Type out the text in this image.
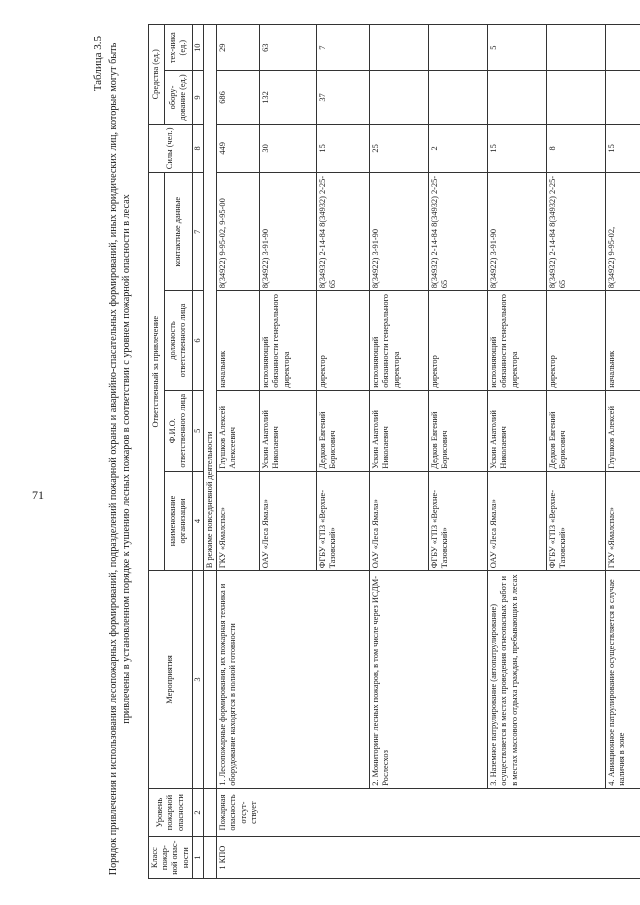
71
Таблица 3.5 Порядок привлечения и использования лесопожарных формирований, подразделений пожарной охраны и аварийно-спасательных формирований, иных юридических лиц, которые могут быть привлечены в установленном порядке к тушению лесных пожаров в соответствии с уровнем пожарной опасности в лесах
Класс пожар-ной опас-ности	Уровень пожарной опасности	Мероприятия	Ответственный за привлечение				Силы (чел.)	Средства (ед.)	
			наименование организации	Ф.И.О. ответственного лица	должность ответственного лица	контактные данные		обору-дование (ед.)	тех-ника (ед.)
1	2	3	4	5	6	7	8	9	10
			В режиме повседневной деятельности						
1 КПО	Пожарная опасность отсут-ствует	1. Лесопожарные формирования, их пожарная техника и оборудование находятся в полной готовности	ГКУ «Ямалспас»	Глушков Алексей Алексеевич	начальник	8(34922) 9-95-02, 9-95-00	449	686	29
			ОАУ «Леса Ямала»	Ускин Анатолий Николаевич	исполняющий обязанности генерального директора	8(34922) 3-91-90	30	132	63
			ФГБУ «ГПЗ «Верхне-Тазовский»	Дедков Евгений Борисович	директор	8(34932) 2-14-84 8(34932) 2-25-65	15	37	7
		2. Мониторинг лесных пожаров, в том числе через ИСДМ-Рослесхоз	ОАУ «Леса Ямала»	Ускин Анатолий Николаевич	исполняющий обязанности генерального директора	8(34922) 3-91-90	25		
			ФГБУ «ГПЗ «Верхне-Тазовский»	Дедков Евгений Борисович	директор	8(34932) 2-14-84 8(34932) 2-25-65	2		
		3. Наземное патрулирование (автопатрулирование) осуществляется в местах проведения огнеопасных работ и в местах массового отдыха граждан, пребывающих в лесах	ОАУ «Леса Ямала»	Ускин Анатолий Николаевич	исполняющий обязанности генерального директора	8(34922) 3-91-90	15		5
			ФГБУ «ГПЗ «Верхне-Тазовский»	Дедков Евгений Борисович	директор	8(34932) 2-14-84 8(34932) 2-25-65	8		
		4. Авиационное патрулирование осуществляется в случае наличия в зоне	ГКУ «Ямалспас»	Глушков Алексей	начальник	8(34922) 9-95-02,	15		
